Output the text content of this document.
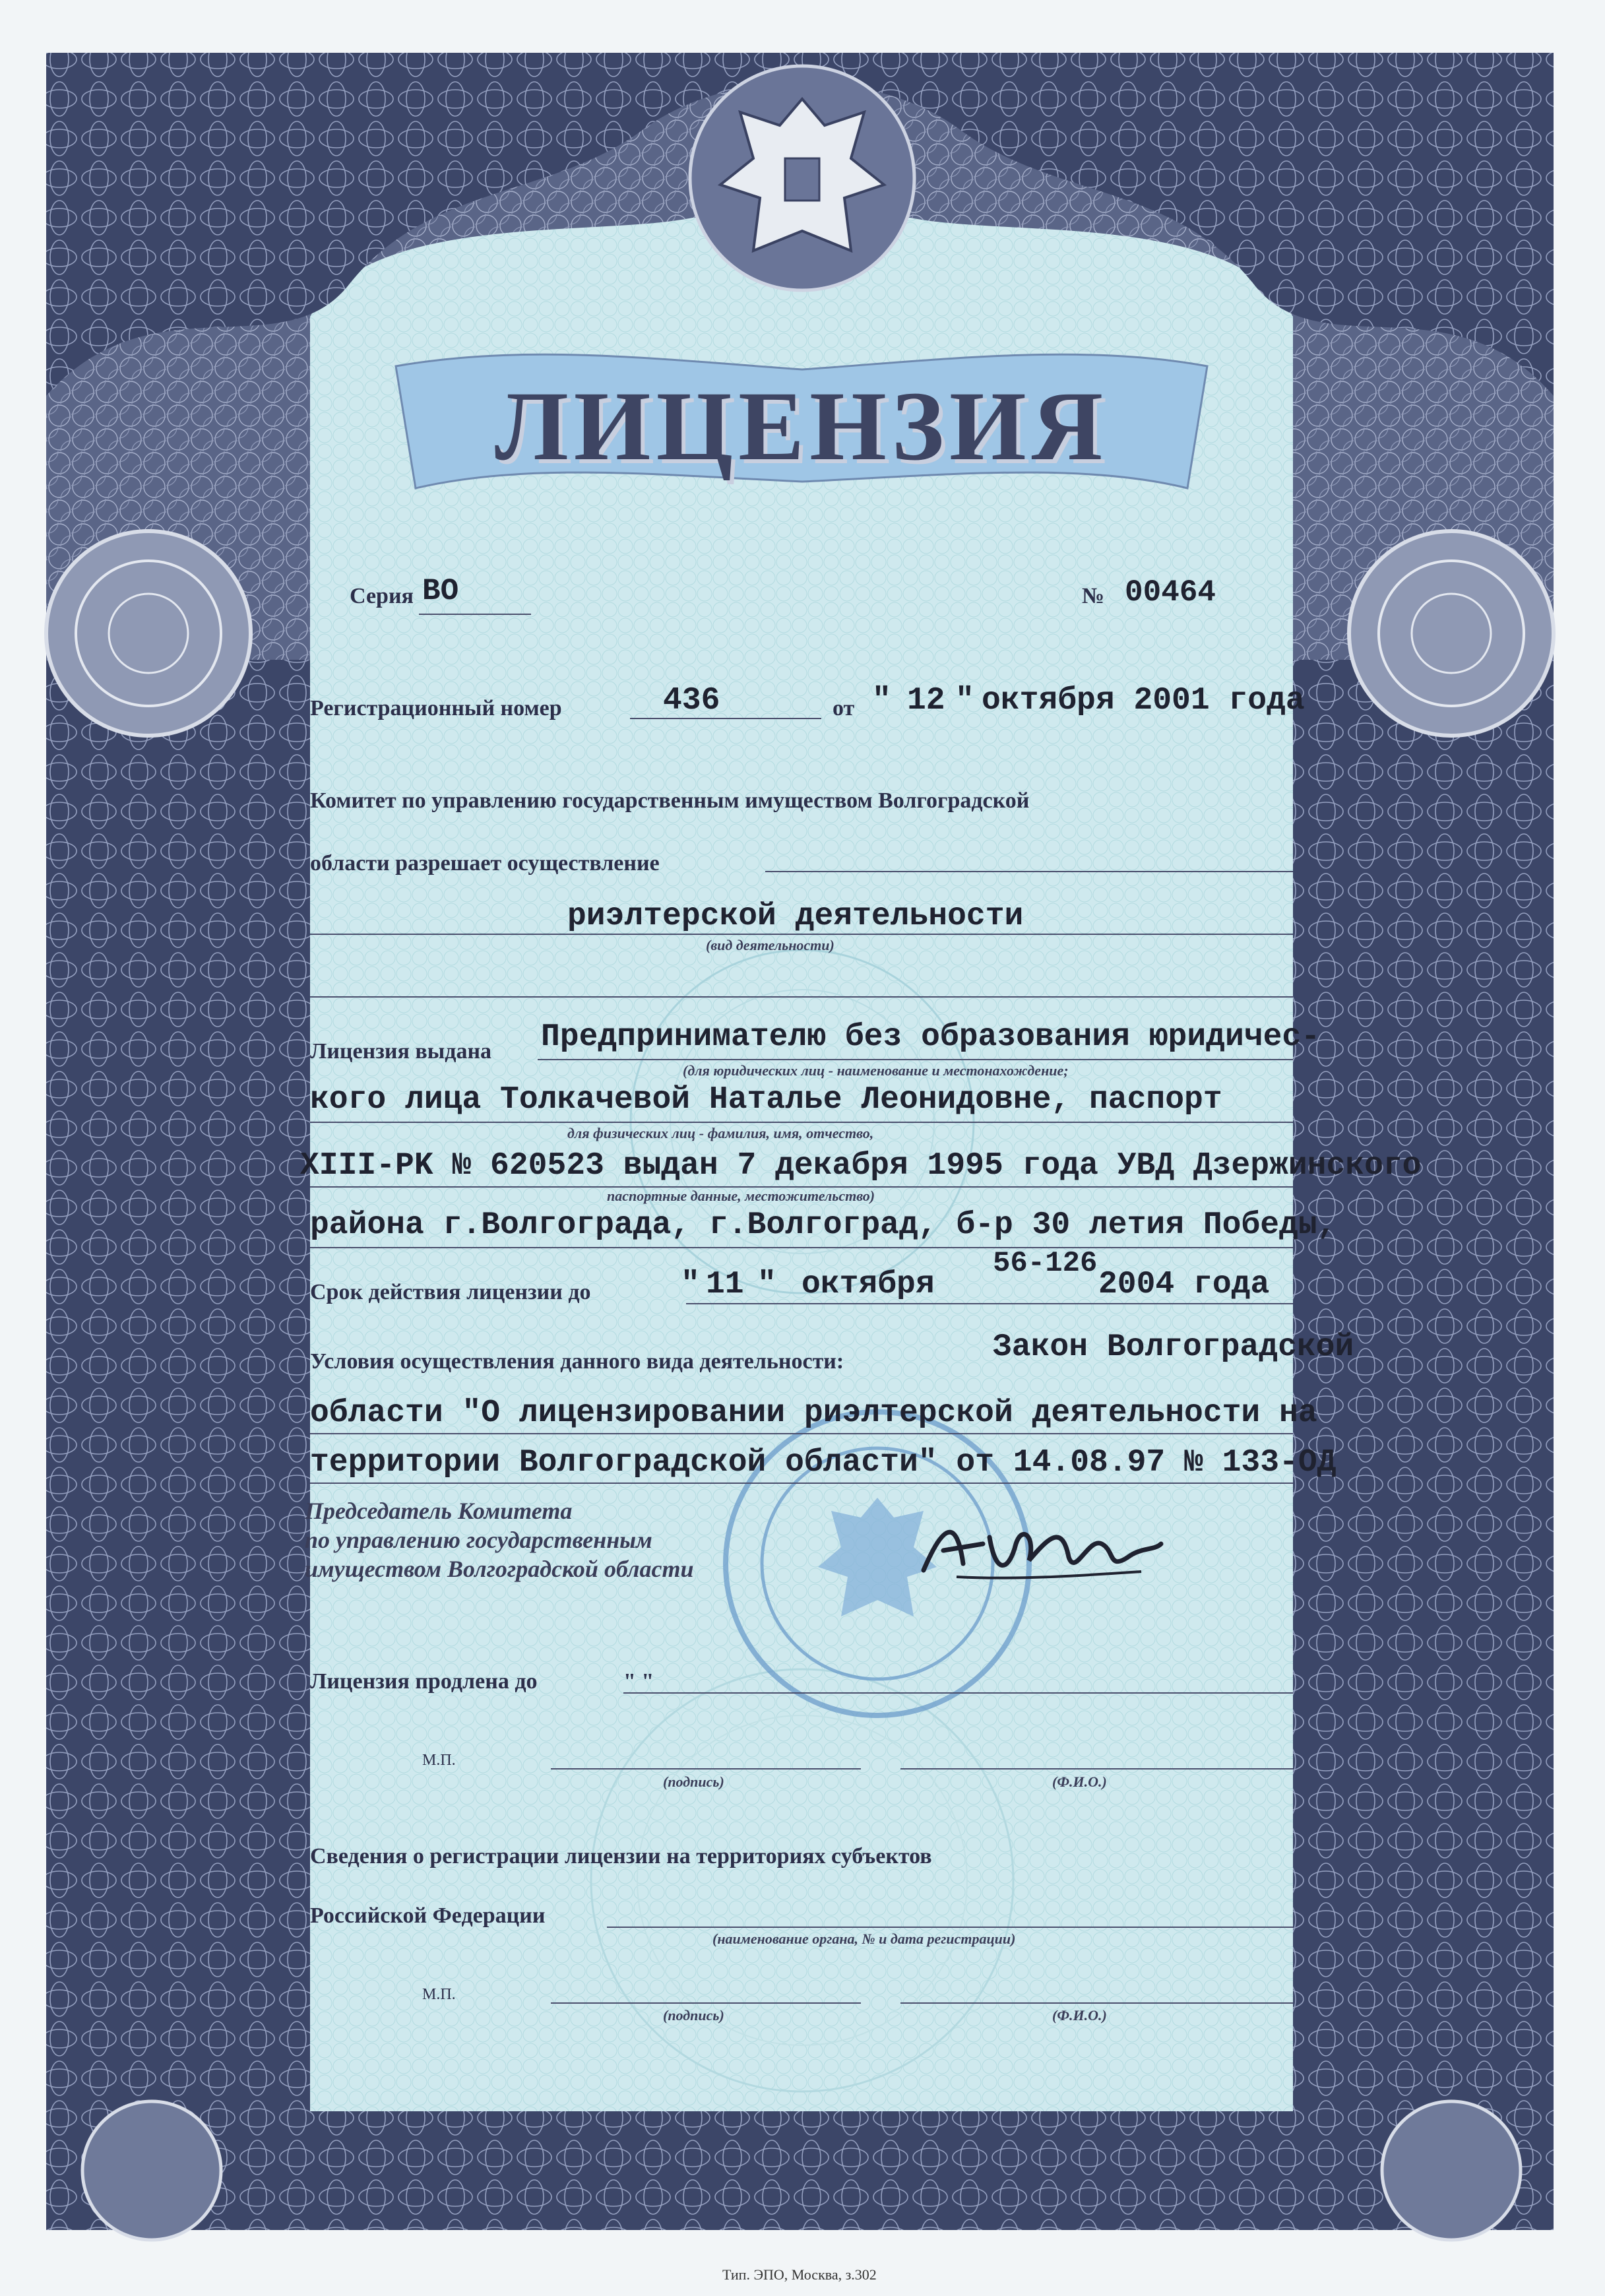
ЛИЦЕНЗИЯ
Серия ВО	№ 00464
Регистрационный номер	436	от " 12 " октября 2001 года
Комитет по управлению государственным имуществом Волгоградской
области разрешает осуществление
риэлтерской деятельности
(вид деятельности)
Лицензия выдана Предпринимателю без образования юридичес-
(для юридических лиц - наименование и местонахождение;
кого лица Толкачевой Наталье Леонидовне, паспорт
для физических лиц - фамилия, имя, отчество,
XIII-PK № 620523 выдан 7 декабря 1995 года УВД Дзержинского
паспортные данные, местожительство)
района г.Волгограда, г.Волгоград, б-р 30 летия Победы,
Срок действия лицензии до	" 11 " октября
56-126
2004 года
Условия осуществления данного вида деятельности:	Закон Волгоградской
области "О лицензировании риэлтерской деятельности на
территории Волгоградской области" от 14.08.97 № 133-ОД
Председатель Комитета
по управлению государственным
имуществом Волгоградской области
Лицензия продлена до	" "
М.П.
(подпись)	(Ф.И.О.)
Сведения о регистрации лицензии на территориях субъектов
Российской Федерации
(наименование органа, № и дата регистрации)
М.П.
(подпись)	(Ф.И.О.)
Тип. ЭПО, Москва, з.302
